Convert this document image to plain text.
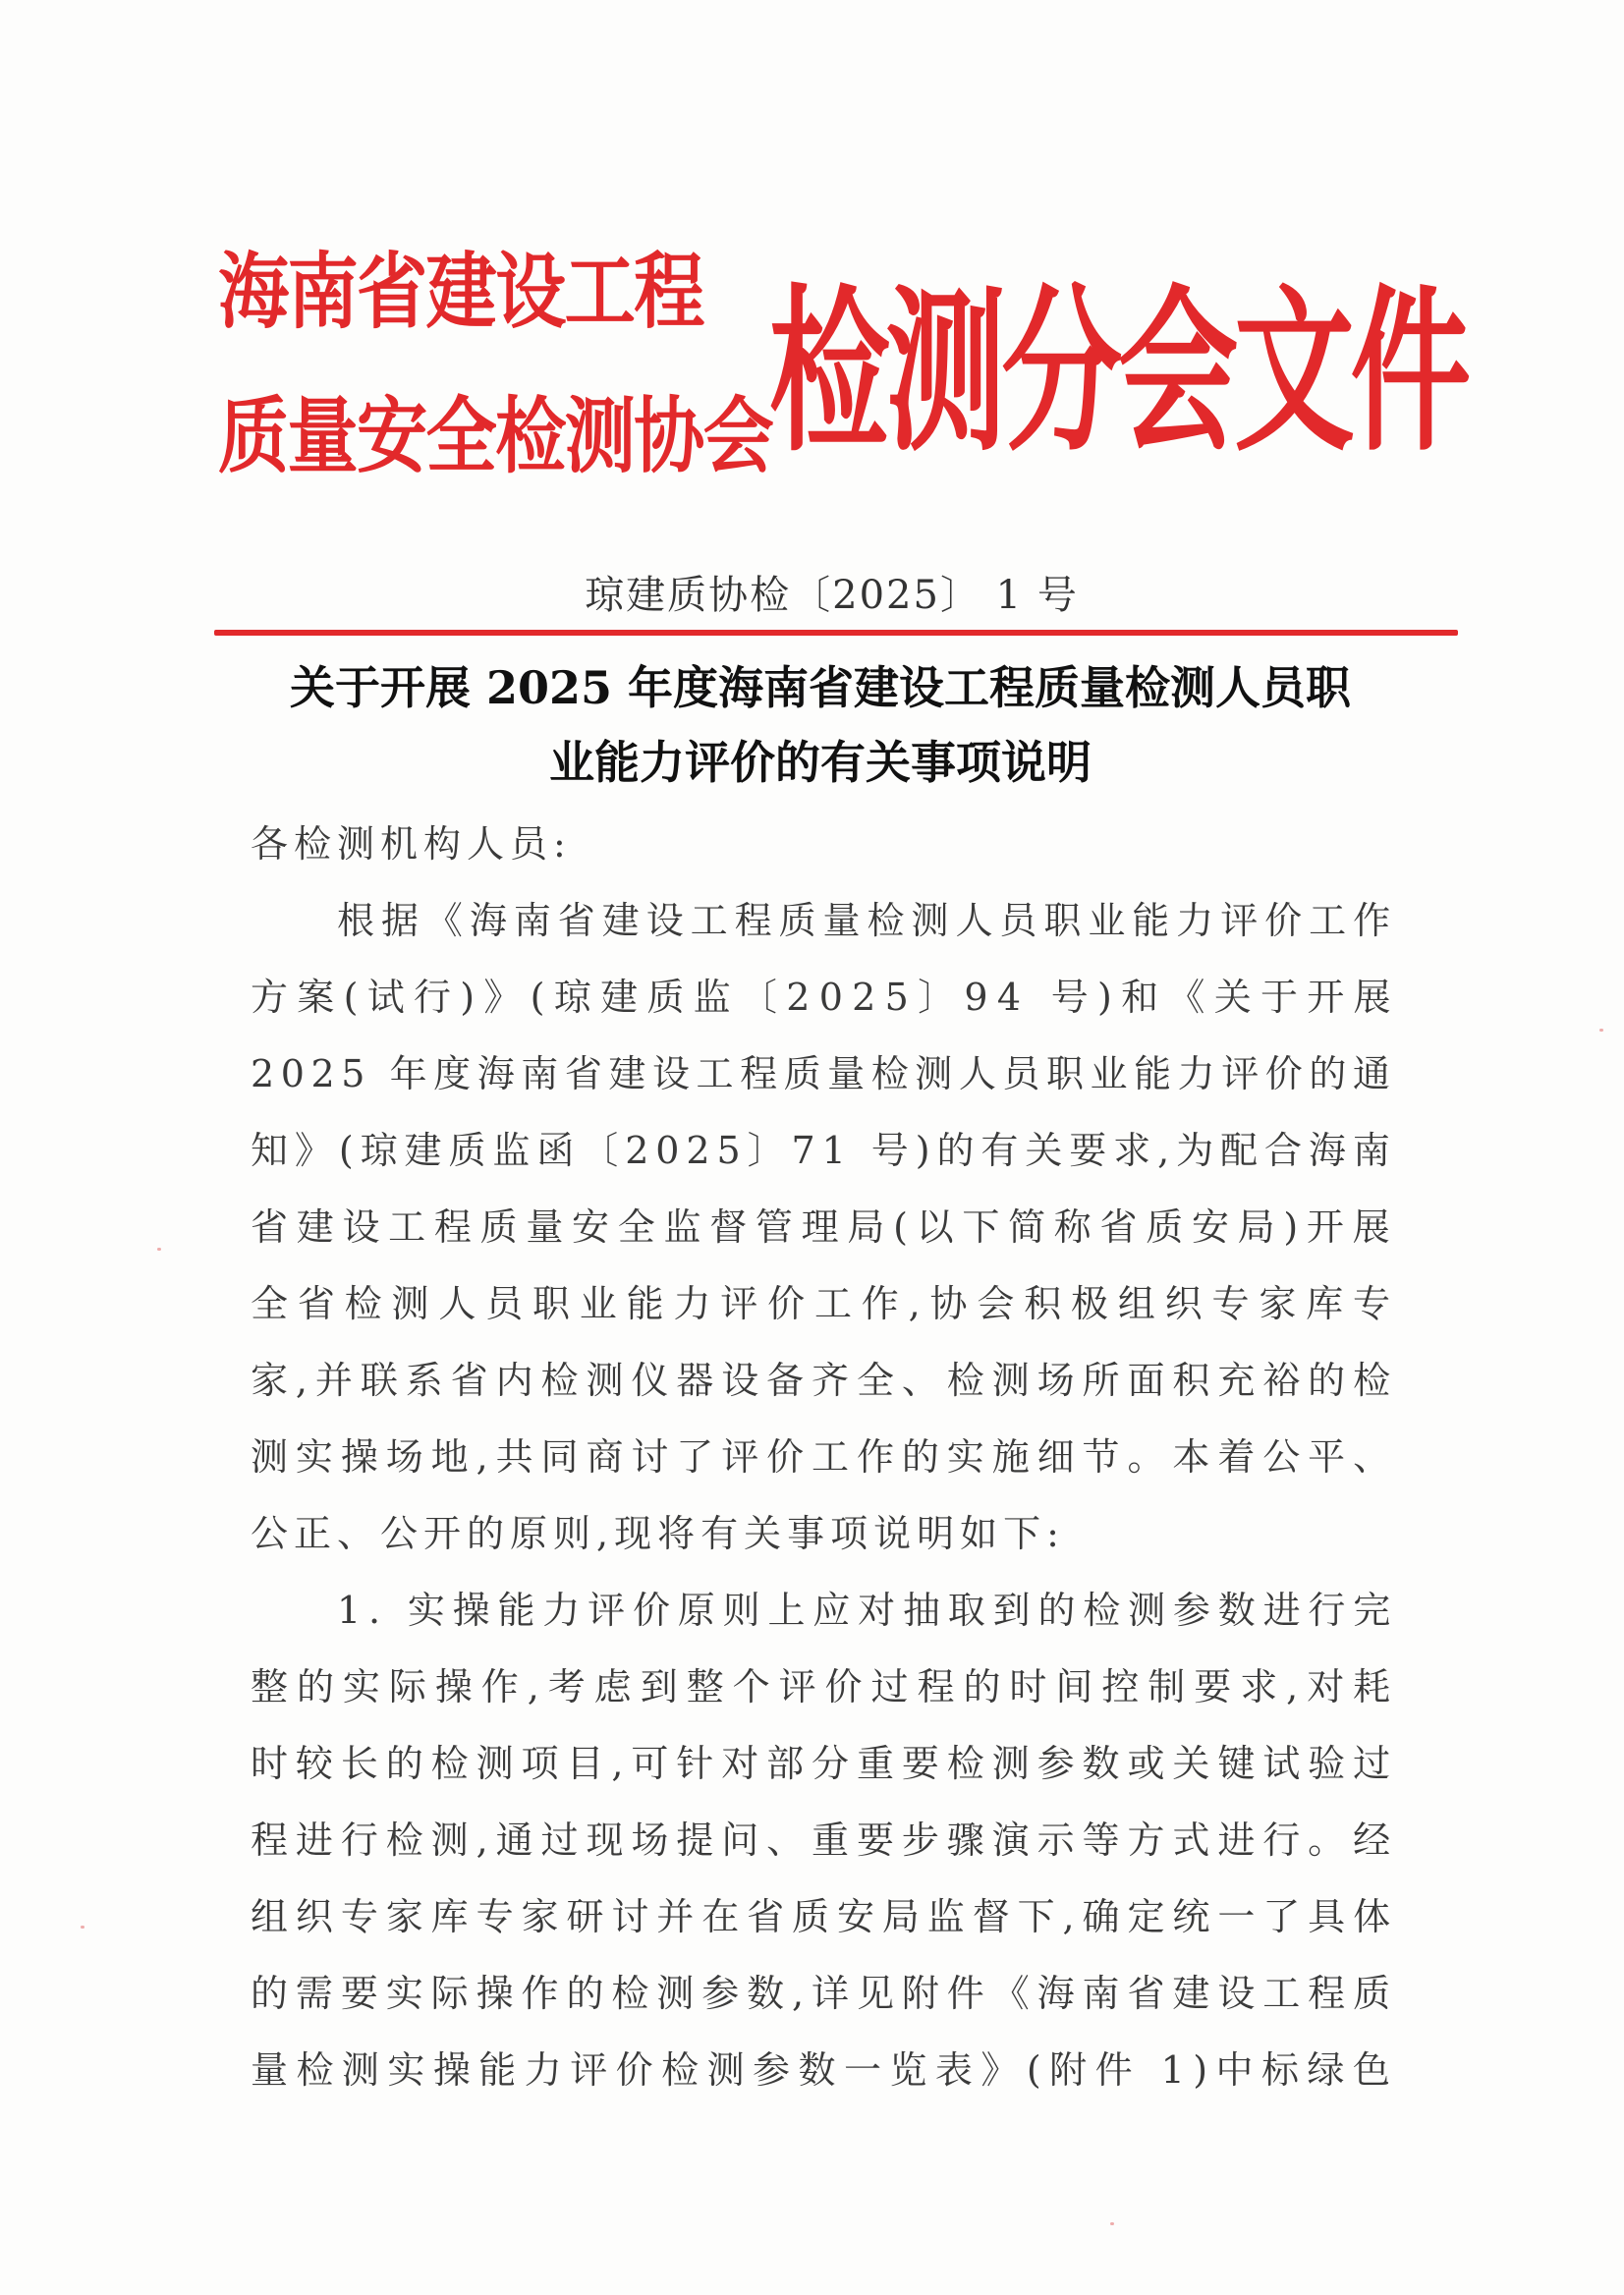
海南省建设工程
质量安全检测协会
检测分会文件
琼建质协检〔2025〕 1 号
关于开展 2025 年度海南省建设工程质量检测人员职
业能力评价的有关事项说明
各检测机构人员:
根据《海南省建设工程质量检测人员职业能力评价工作
方案(试行)》(琼建质监〔2025〕94 号)和《关于开展
2025 年度海南省建设工程质量检测人员职业能力评价的通
知》(琼建质监函〔2025〕71 号)的有关要求,为配合海南
省建设工程质量安全监督管理局(以下简称省质安局)开展
全省检测人员职业能力评价工作,协会积极组织专家库专
家,并联系省内检测仪器设备齐全、检测场所面积充裕的检
测实操场地,共同商讨了评价工作的实施细节。本着公平、
公正、公开的原则,现将有关事项说明如下:
1. 实操能力评价原则上应对抽取到的检测参数进行完
整的实际操作,考虑到整个评价过程的时间控制要求,对耗
时较长的检测项目,可针对部分重要检测参数或关键试验过
程进行检测,通过现场提问、重要步骤演示等方式进行。经
组织专家库专家研讨并在省质安局监督下,确定统一了具体
的需要实际操作的检测参数,详见附件《海南省建设工程质
量检测实操能力评价检测参数一览表》(附件 1)中标绿色
